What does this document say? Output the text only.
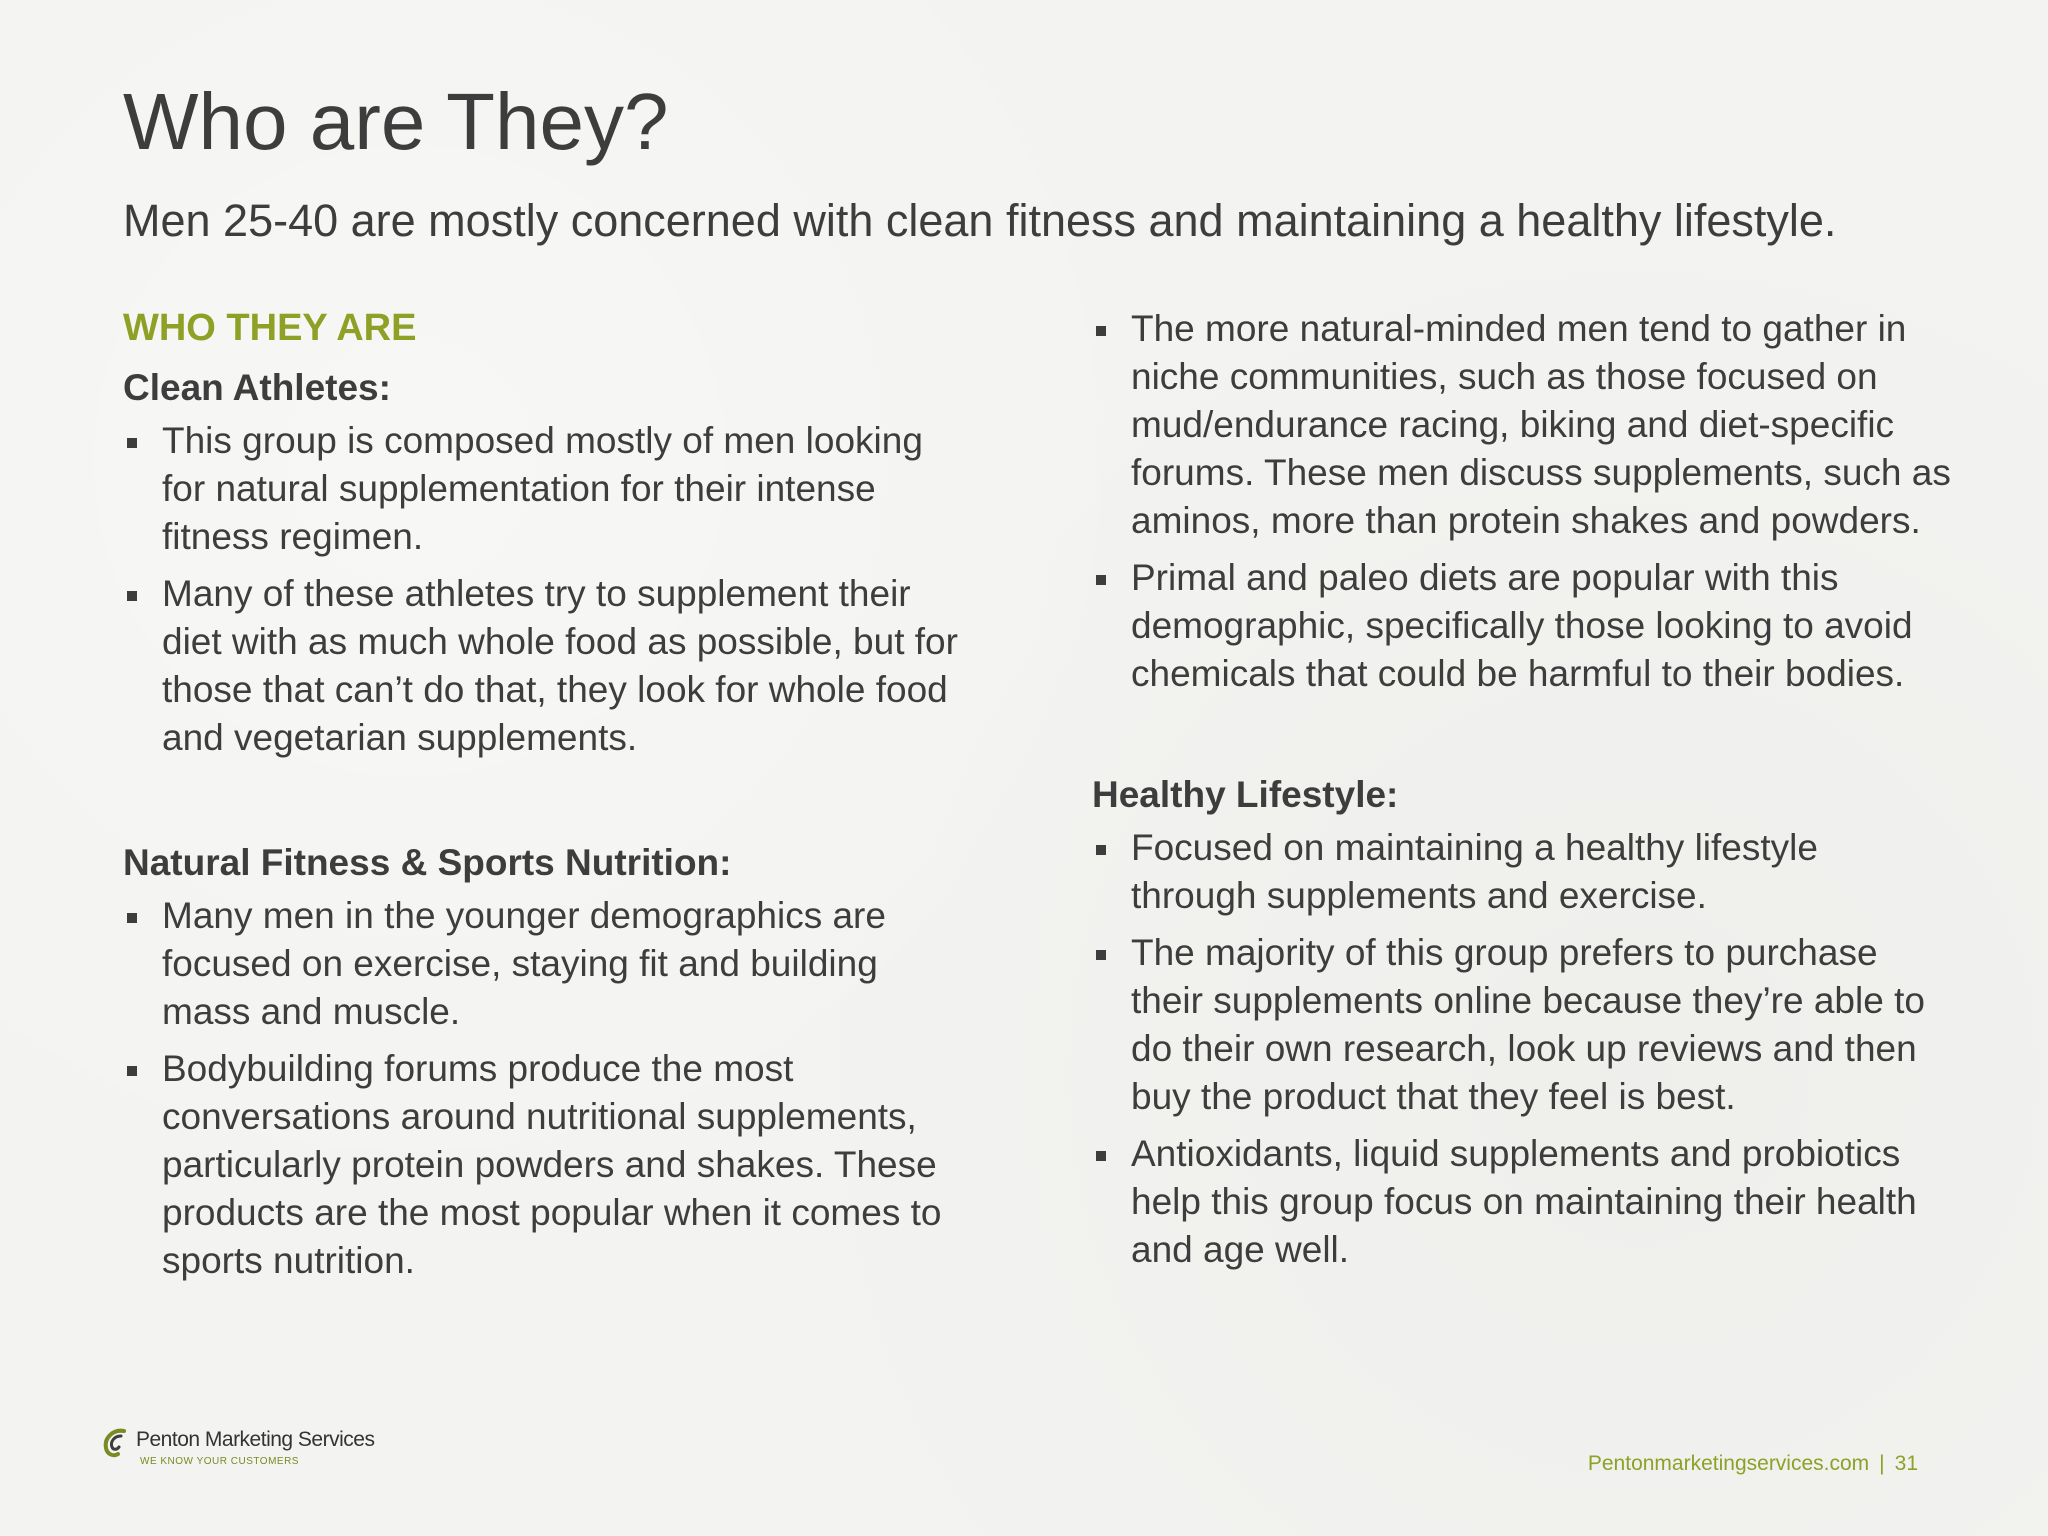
Who are They?

Men 25-40 are mostly concerned with clean fitness and maintaining a healthy lifestyle.

WHO THEY ARE

Clean Athletes:

This group is composed mostly of men looking for natural supplementation for their intense fitness regimen.
Many of these athletes try to supplement their diet with as much whole food as possible, but for those that can’t do that, they look for whole food and vegetarian supplements.

Natural Fitness & Sports Nutrition:

Many men in the younger demographics are focused on exercise, staying fit and building mass and muscle.
Bodybuilding forums produce the most conversations around nutritional supplements, particularly protein powders and shakes. These products are the most popular when it comes to sports nutrition.
The more natural-minded men tend to gather in niche communities, such as those focused on mud/endurance racing, biking and diet-specific forums. These men discuss supplements, such as aminos, more than protein shakes and powders.
Primal and paleo diets are popular with this demographic, specifically those looking to avoid chemicals that could be harmful to their bodies.

Healthy Lifestyle:

Focused on maintaining a healthy lifestyle through supplements and exercise.
The majority of this group prefers to purchase their supplements online because they’re able to do their own research, look up reviews and then buy the product that they feel is best.
Antioxidants, liquid supplements and probiotics help this group focus on maintaining their health and age well.
Penton Marketing Services
WE KNOW YOUR CUSTOMERS	Pentonmarketingservices.com | 31
